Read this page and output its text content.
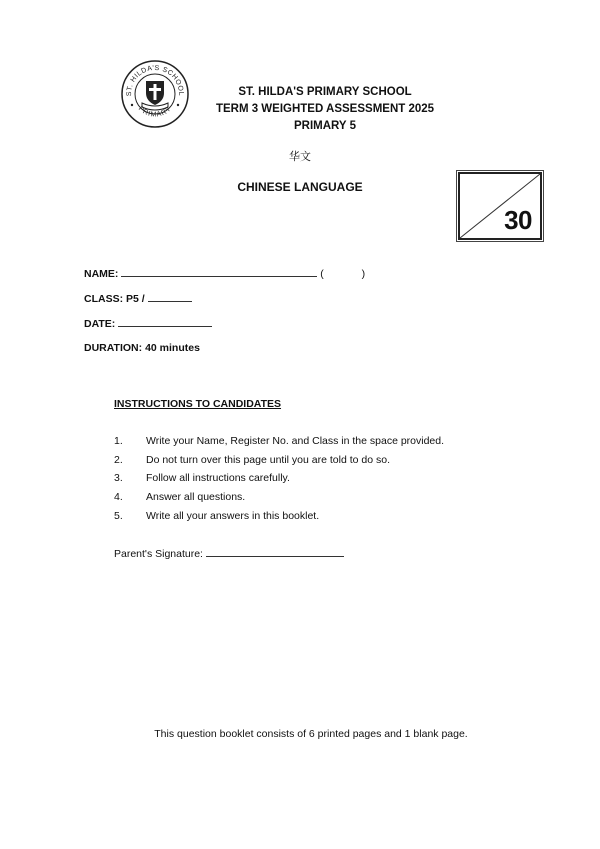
ST. HILDA'S SCHOOL
PRIMARY
ST. HILDA'S PRIMARY SCHOOL
TERM 3 WEIGHTED ASSESSMENT 2025
PRIMARY 5
华文
CHINESE LANGUAGE
30
NAME:	(	)
CLASS: P5 /
DATE:
DURATION: 40 minutes
INSTRUCTIONS TO CANDIDATES
1. Write your Name, Register No. and Class in the space provided.
2. Do not turn over this page until you are told to do so.
3. Follow all instructions carefully.
4. Answer all questions.
5. Write all your answers in this booklet.
Parent's Signature:
This question booklet consists of 6 printed pages and 1 blank page.
